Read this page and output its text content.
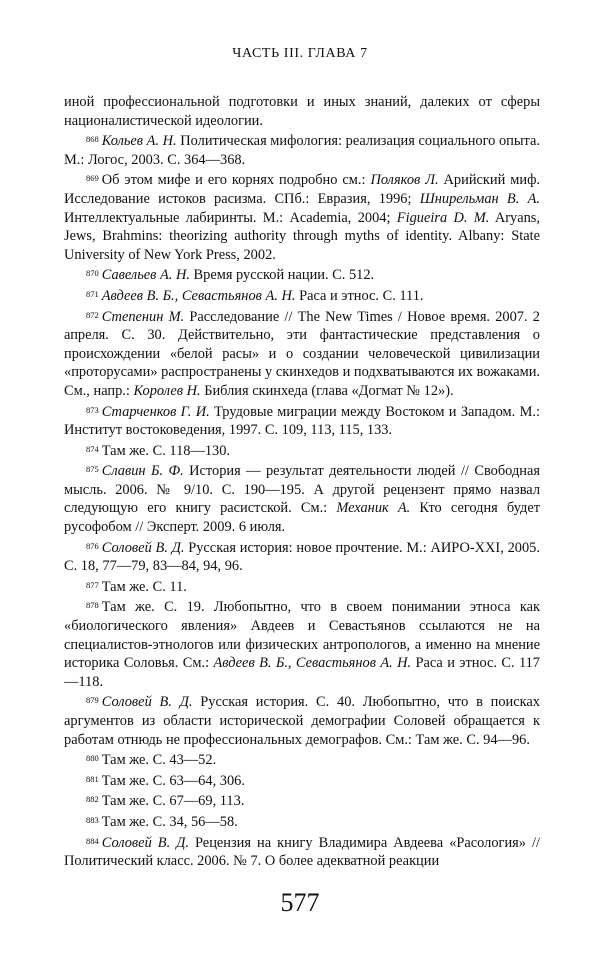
ЧАСТЬ III. ГЛАВА 7

иной профессиональной подготовки и иных знаний, далеких от сферы националистической идеологии.

$^{868}$ Кольев А. Н. Политическая мифология: реализация социального опыта. М.: Логос, 2003. С. 364—368.

$^{869}$ Об этом мифе и его корнях подробно см.: Поляков Л. Арийский миф. Исследование истоков расизма. СПб.: Евразия, 1996; Шнирельман В. А. Интеллектуальные лабиринты. М.: Academia, 2004; Figueira D. M. Aryans, Jews, Brahmins: theorizing authority through myths of identity. Albany: State University of New York Press, 2002.

$^{870}$ Савельев А. Н. Время русской нации. С. 512.

$^{871}$ Авдеев В. Б., Севастьянов А. Н. Раса и этнос. С. 111.

$^{872}$ Степенин М. Расследование // The New Times / Новое время. 2007. 2 апреля. С. 30. Действительно, эти фантастические представления о происхождении «белой расы» и о создании человеческой цивилизации «проторусами» распространены у скинхедов и подхватываются их вожаками. См., напр.: Королев Н. Библия скинхеда (глава «Догмат № 12»).

$^{873}$ Старченков Г. И. Трудовые миграции между Востоком и Западом. М.: Институт востоковедения, 1997. С. 109, 113, 115, 133.

$^{874}$ Там же. С. 118—130.

$^{875}$ Славин Б. Ф. История — результат деятельности людей // Свободная мысль. 2006. № 9/10. С. 190—195. А другой рецензент прямо назвал следующую его книгу расистской. См.: Механик А. Кто сегодня будет русофобом // Эксперт. 2009. 6 июля.

$^{876}$ Соловей В. Д. Русская история: новое прочтение. М.: АИРО-XXI, 2005. С. 18, 77—79, 83—84, 94, 96.

$^{877}$ Там же. С. 11.

$^{878}$ Там же. С. 19. Любопытно, что в своем понимании этноса как «биологического явления» Авдеев и Севастьянов ссылаются не на специалистов-этнологов или физических антропологов, а именно на мнение историка Соловья. См.: Авдеев В. Б., Севастьянов А. Н. Раса и этнос. С. 117—118.

$^{879}$ Соловей В. Д. Русская история. С. 40. Любопытно, что в поисках аргументов из области исторической демографии Соловей обращается к работам отнюдь не профессиональных демографов. См.: Там же. С. 94—96.

$^{880}$ Там же. С. 43—52.

$^{881}$ Там же. С. 63—64, 306.

$^{882}$ Там же. С. 67—69, 113.

$^{883}$ Там же. С. 34, 56—58.

$^{884}$ Соловей В. Д. Рецензия на книгу Владимира Авдеева «Расология» // Политический класс. 2006. № 7. О более адекватной реакции

577
